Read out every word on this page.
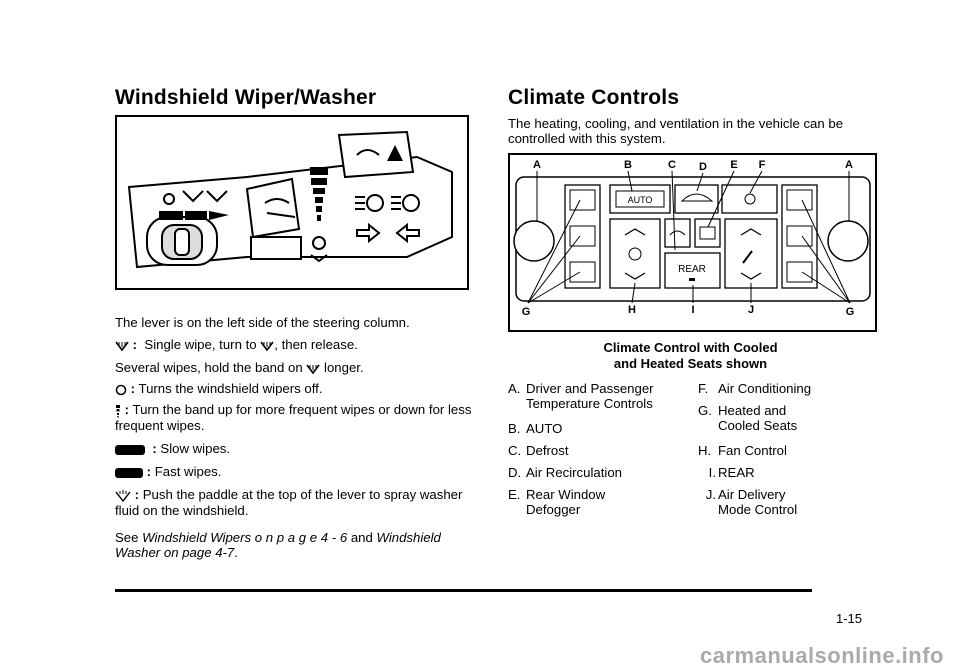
Windshield Wiper/Washer
The lever is on the left side of the steering column.
: Single wipe, turn to , then release.
Several wipes, hold the band on longer.
: Turns the windshield wipers off.
: Turn the band up for more frequent wipes or down for less frequent wipes.
: Slow wipes.
: Fast wipes.
: Push the paddle at the top of the lever to spray washer fluid on the windshield.
See Windshield Wipers o n p a g e 4 - 6 and Windshield Washer on page 4-7.
Climate Controls
The heating, cooling, and ventilation in the vehicle can be controlled with this system.
AUTO
REAR
A	B	C D E F	A
G	H	I	J	G
Climate Control with Cooled
and Heated Seats shown
A. Driver and Passenger Temperature Controls
B. AUTO
C. Defrost
D. Air Recirculation
E. Rear Window Defogger
F. Air Conditioning
G. Heated and Cooled Seats
H. Fan Control
I. REAR
J. Air Delivery Mode Control
1-15
carmanualsonline.info
